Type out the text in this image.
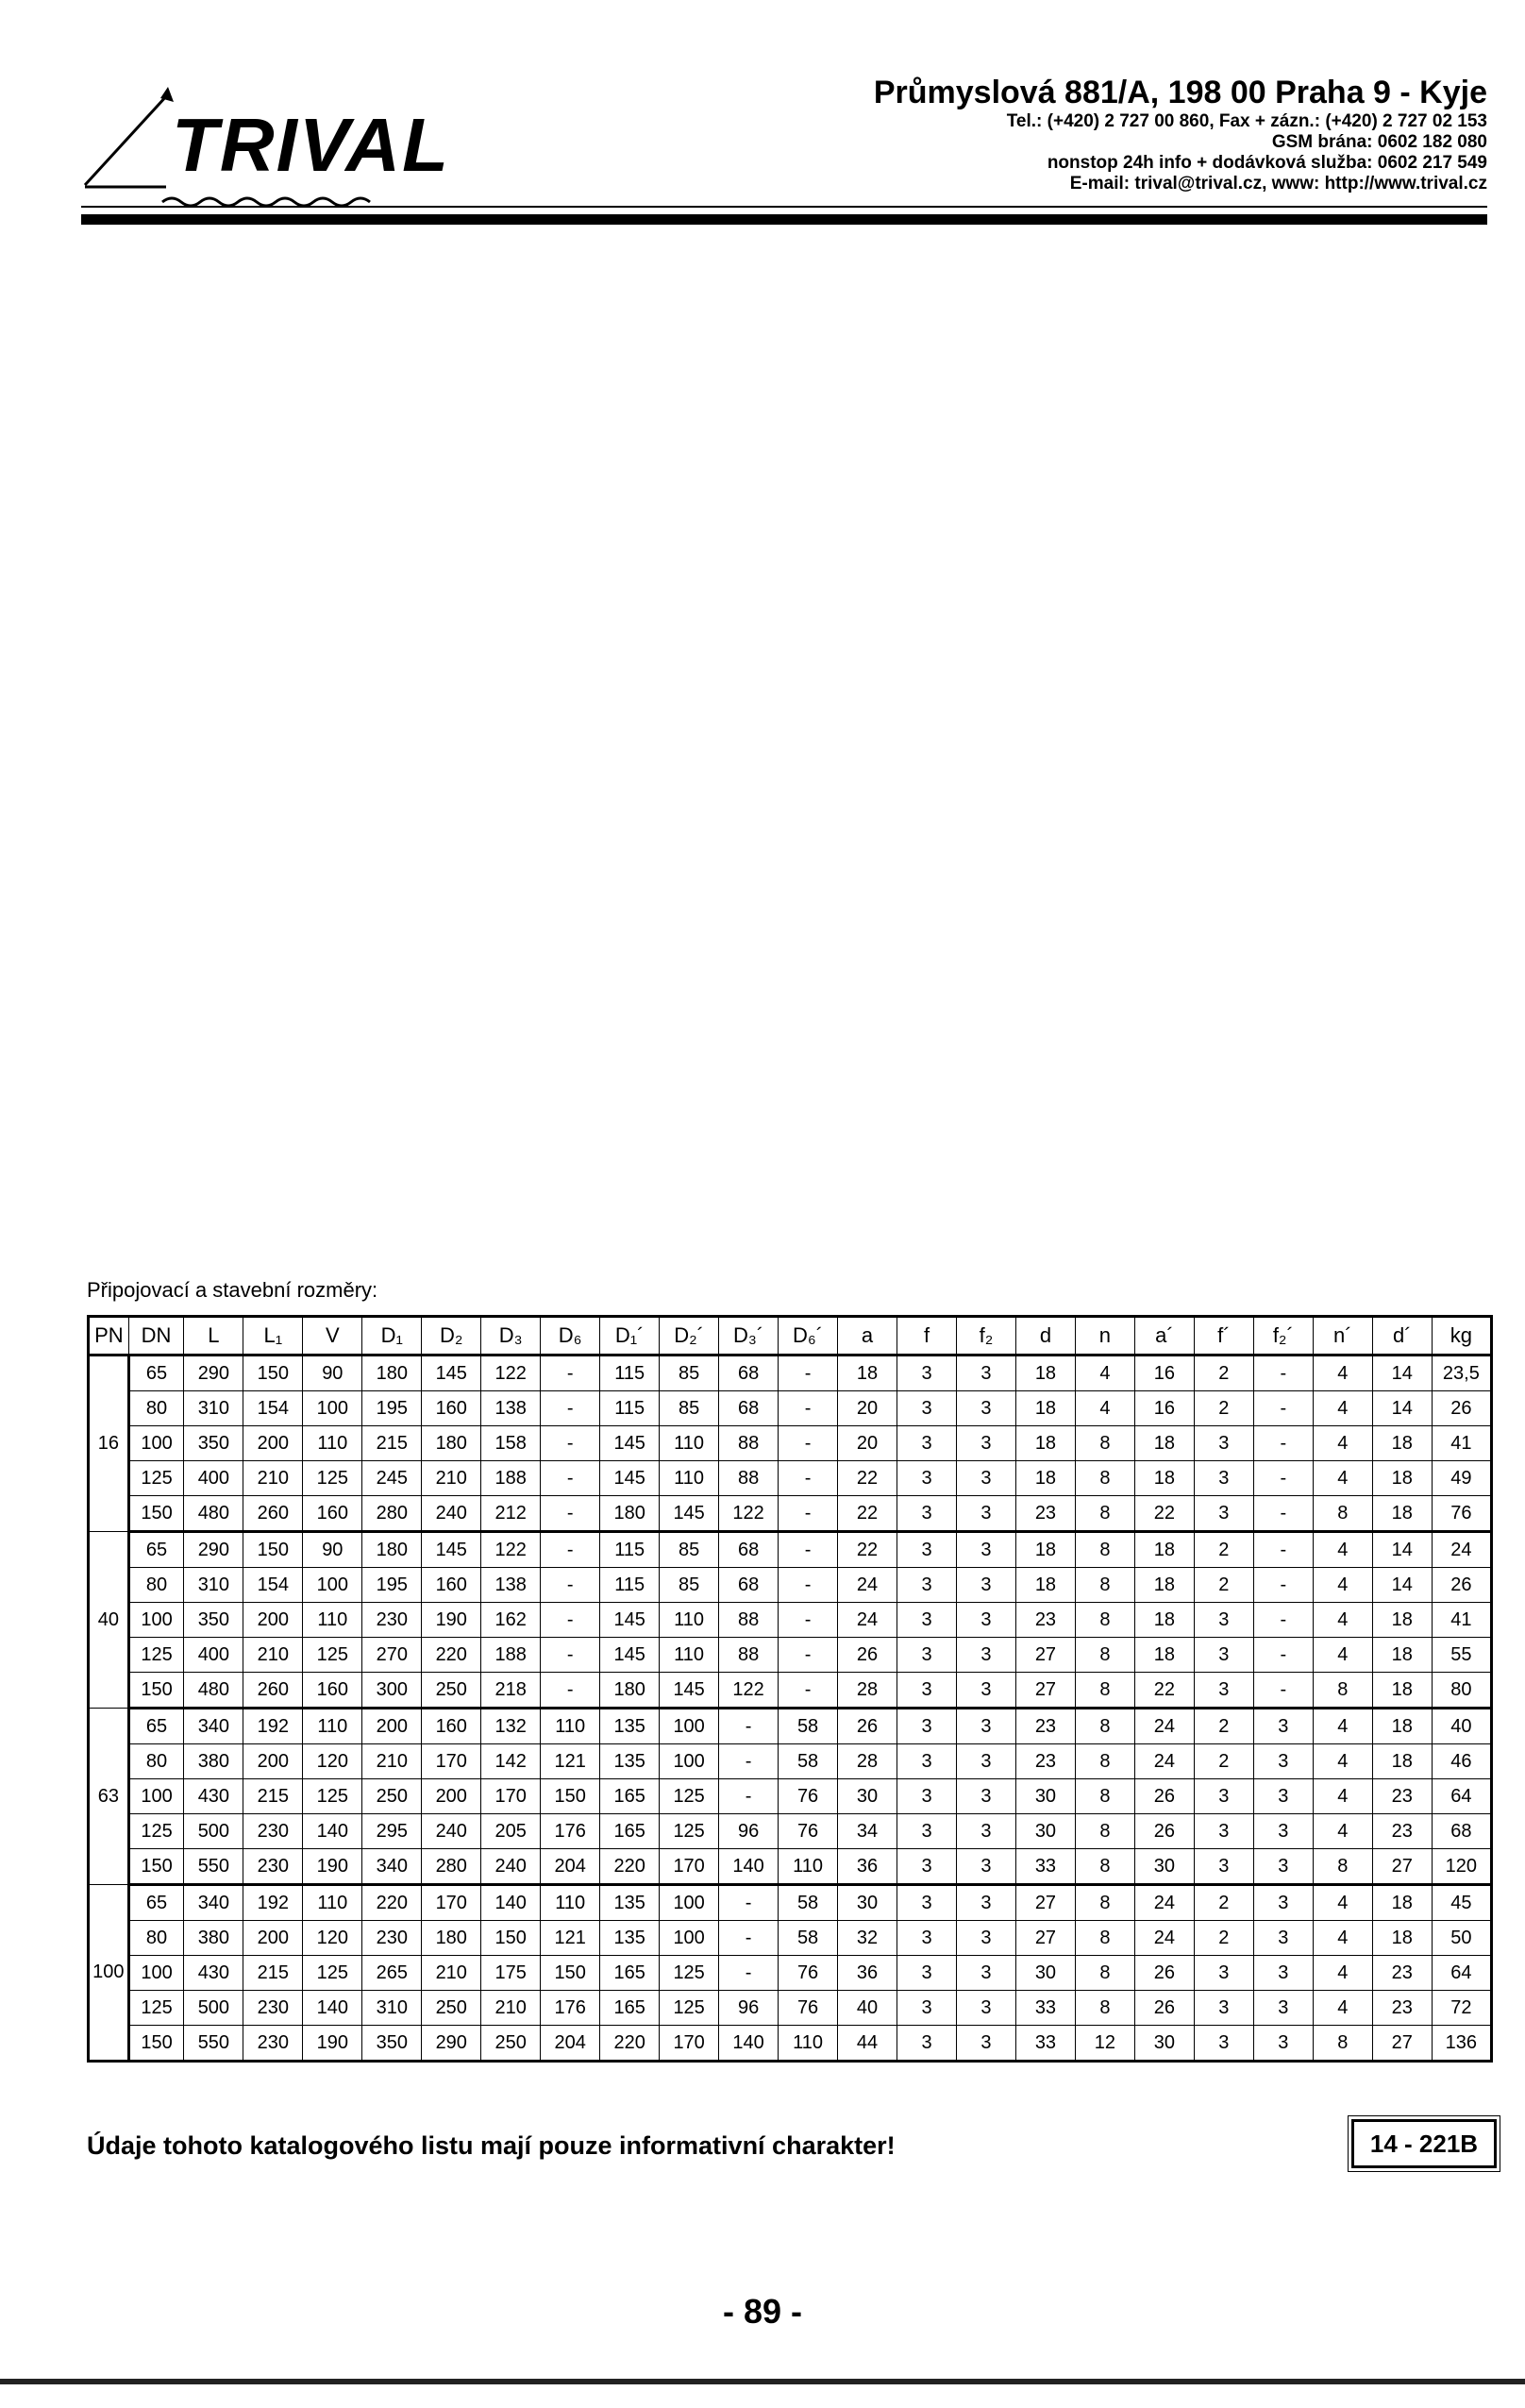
TRIVAL
Průmyslová 881/A, 198 00 Praha 9 - Kyje
Tel.: (+420) 2 727 00 860, Fax + zázn.: (+420) 2 727 02 153
GSM brána: 0602 182 080
nonstop 24h info + dodávková služba: 0602 217 549
E-mail: trival@trival.cz, www: http://www.trival.cz
Připojovací a stavební rozměry:
PN	DN	L	L₁	V	D₁	D₂	D₃	D₆	D₁´	D₂´	D₃´	D₆´	a	f	f₂	d	n	a´	f´	f₂´	n´	d´	kg
16	65	290	150	90	180	145	122	-	115	85	68	-	18	3	3	18	4	16	2	-	4	14	23,5
	80	310	154	100	195	160	138	-	115	85	68	-	20	3	3	18	4	16	2	-	4	14	26
	100	350	200	110	215	180	158	-	145	110	88	-	20	3	3	18	8	18	3	-	4	18	41
	125	400	210	125	245	210	188	-	145	110	88	-	22	3	3	18	8	18	3	-	4	18	49
	150	480	260	160	280	240	212	-	180	145	122	-	22	3	3	23	8	22	3	-	8	18	76
40	65	290	150	90	180	145	122	-	115	85	68	-	22	3	3	18	8	18	2	-	4	14	24
	80	310	154	100	195	160	138	-	115	85	68	-	24	3	3	18	8	18	2	-	4	14	26
	100	350	200	110	230	190	162	-	145	110	88	-	24	3	3	23	8	18	3	-	4	18	41
	125	400	210	125	270	220	188	-	145	110	88	-	26	3	3	27	8	18	3	-	4	18	55
	150	480	260	160	300	250	218	-	180	145	122	-	28	3	3	27	8	22	3	-	8	18	80
63	65	340	192	110	200	160	132	110	135	100	-	58	26	3	3	23	8	24	2	3	4	18	40
	80	380	200	120	210	170	142	121	135	100	-	58	28	3	3	23	8	24	2	3	4	18	46
	100	430	215	125	250	200	170	150	165	125	-	76	30	3	3	30	8	26	3	3	4	23	64
	125	500	230	140	295	240	205	176	165	125	96	76	34	3	3	30	8	26	3	3	4	23	68
	150	550	230	190	340	280	240	204	220	170	140	110	36	3	3	33	8	30	3	3	8	27	120
100	65	340	192	110	220	170	140	110	135	100	-	58	30	3	3	27	8	24	2	3	4	18	45
	80	380	200	120	230	180	150	121	135	100	-	58	32	3	3	27	8	24	2	3	4	18	50
	100	430	215	125	265	210	175	150	165	125	-	76	36	3	3	30	8	26	3	3	4	23	64
	125	500	230	140	310	250	210	176	165	125	96	76	40	3	3	33	8	26	3	3	4	23	72
	150	550	230	190	350	290	250	204	220	170	140	110	44	3	3	33	12	30	3	3	8	27	136
Údaje tohoto katalogového listu mají pouze informativní charakter!	14 - 221B
- 89 -
